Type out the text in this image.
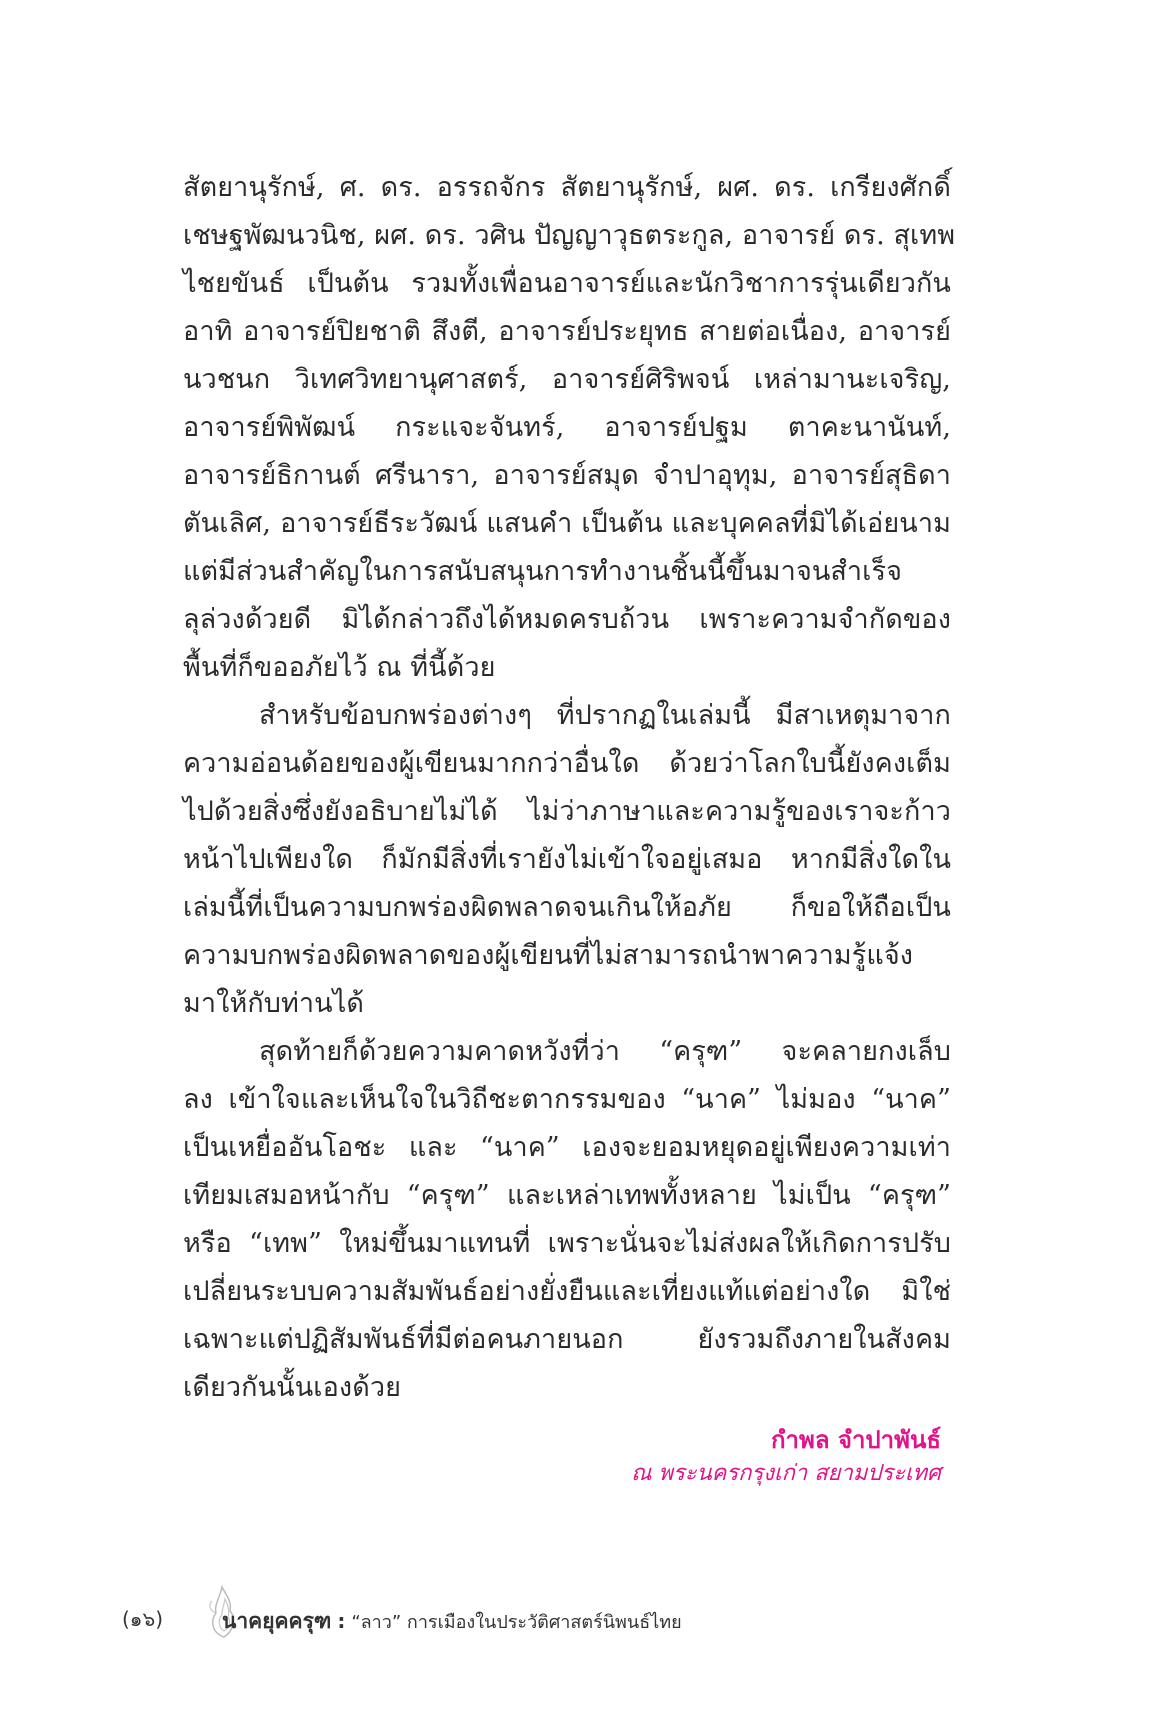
สัตยานุรักษ์, ศ. ดร. อรรถจักร สัตยานุรักษ์, ผศ. ดร. เกรียงศักดิ์
เชษฐพัฒนวนิช, ผศ. ดร. วศิน ปัญญาวุธตระกูล, อาจารย์ ดร. สุเทพ
ไชยขันธ์ เป็นต้น รวมทั้งเพื่อนอาจารย์และนักวิชาการรุ่นเดียวกัน
อาทิ อาจารย์ปิยชาติ สึงตี, อาจารย์ประยุทธ สายต่อเนื่อง, อาจารย์
นวชนก วิเทศวิทยานุศาสตร์, อาจารย์ศิริพจน์ เหล่ามานะเจริญ,
อาจารย์พิพัฒน์ กระแจะจันทร์, อาจารย์ปฐม ตาคะนานันท์,
อาจารย์ธิกานต์ ศรีนารา, อาจารย์สมุด จำปาอุทุม, อาจารย์สุธิดา
ตันเลิศ, อาจารย์ธีระวัฒน์ แสนคำ เป็นต้น และบุคคลที่มิได้เอ่ยนาม
แต่มีส่วนสำคัญในการสนับสนุนการทำงานชิ้นนี้ขึ้นมาจนสำเร็จ
ลุล่วงด้วยดี มิได้กล่าวถึงได้หมดครบถ้วน เพราะความจำกัดของ
พื้นที่ก็ขออภัยไว้ ณ ที่นี้ด้วย
สำหรับข้อบกพร่องต่างๆ ที่ปรากฏในเล่มนี้ มีสาเหตุมาจาก
ความอ่อนด้อยของผู้เขียนมากกว่าอื่นใด ด้วยว่าโลกใบนี้ยังคงเต็ม
ไปด้วยสิ่งซึ่งยังอธิบายไม่ได้ ไม่ว่าภาษาและความรู้ของเราจะก้าว
หน้าไปเพียงใด ก็มักมีสิ่งที่เรายังไม่เข้าใจอยู่เสมอ หากมีสิ่งใดใน
เล่มนี้ที่เป็นความบกพร่องผิดพลาดจนเกินให้อภัย ก็ขอให้ถือเป็น
ความบกพร่องผิดพลาดของผู้เขียนที่ไม่สามารถนำพาความรู้แจ้ง
มาให้กับท่านได้
สุดท้ายก็ด้วยความคาดหวังที่ว่า “ครุฑ” จะคลายกงเล็บ
ลง เข้าใจและเห็นใจในวิถีชะตากรรมของ “นาค” ไม่มอง “นาค”
เป็นเหยื่ออันโอชะ และ “นาค” เองจะยอมหยุดอยู่เพียงความเท่า
เทียมเสมอหน้ากับ “ครุฑ” และเหล่าเทพทั้งหลาย ไม่เป็น “ครุฑ”
หรือ “เทพ” ใหม่ขึ้นมาแทนที่ เพราะนั่นจะไม่ส่งผลให้เกิดการปรับ
เปลี่ยนระบบความสัมพันธ์อย่างยั่งยืนและเที่ยงแท้แต่อย่างใด มิใช่
เฉพาะแต่ปฏิสัมพันธ์ที่มีต่อคนภายนอก ยังรวมถึงภายในสังคม
เดียวกันนั้นเองด้วย
กำพล จำปาพันธ์
ณ พระนครกรุงเก่า สยามประเทศ
(๑๖)	นาคยุคครุฑ : “ลาว” การเมืองในประวัติศาสตร์นิพนธ์ไทย
